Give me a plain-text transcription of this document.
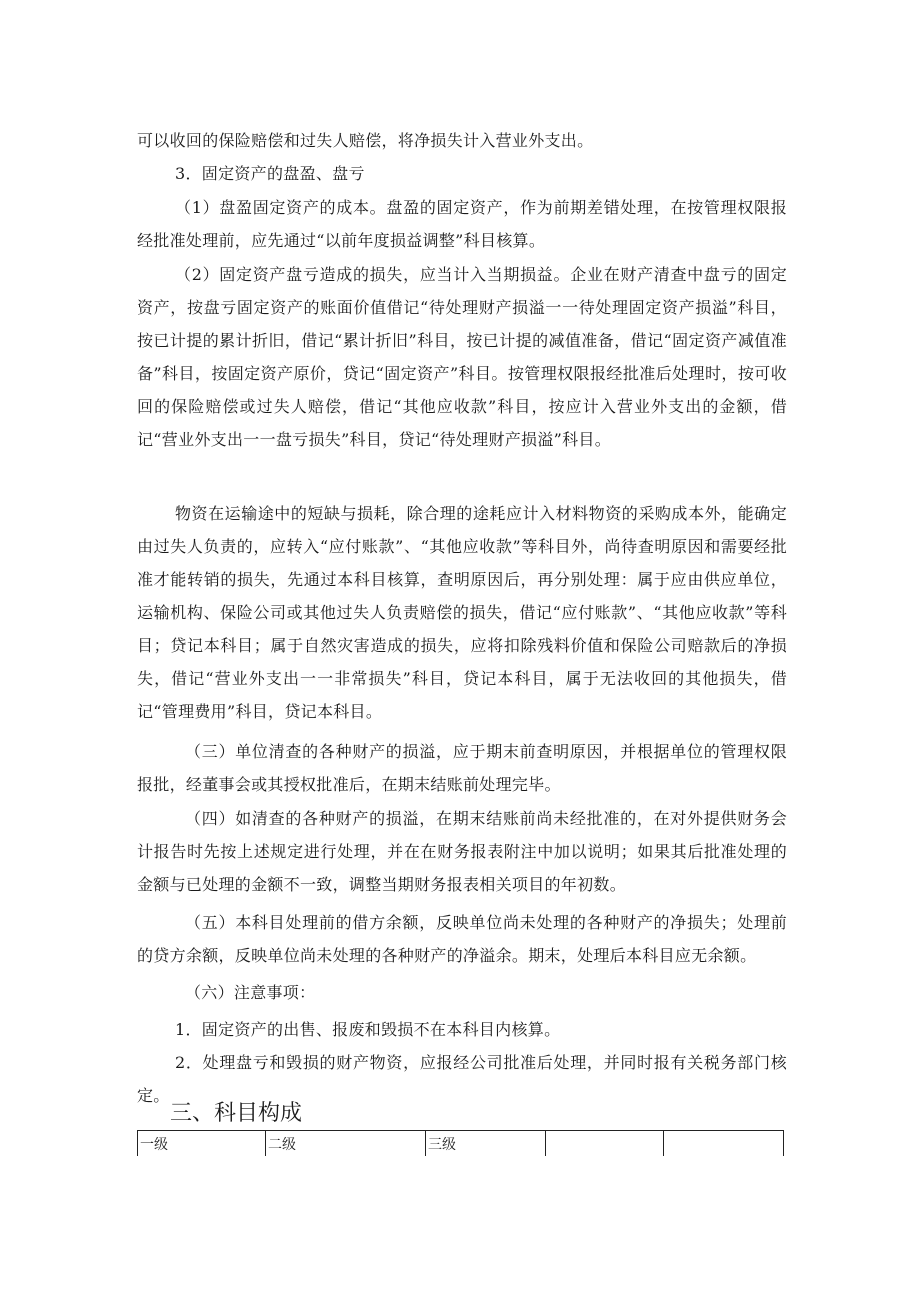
可以收回的保险赔偿和过失人赔偿，将净损失计入营业外支出。

3．固定资产的盘盈、盘亏

（1）盘盈固定资产的成本。盘盈的固定资产，作为前期差错处理，在按管理权限报经批准处理前，应先通过“以前年度损益调整”科目核算。

（2）固定资产盘亏造成的损失，应当计入当期损益。企业在财产清查中盘亏的固定资产，按盘亏固定资产的账面价值借记“待处理财产损溢一一待处理固定资产损溢”科目，按已计提的累计折旧，借记“累计折旧”科目，按已计提的减值准备，借记“固定资产减值准备”科目，按固定资产原价，贷记“固定资产”科目。按管理权限报经批准后处理时，按可收回的保险赔偿或过失人赔偿，借记“其他应收款”科目，按应计入营业外支出的金额，借记“营业外支出一一盘亏损失”科目，贷记“待处理财产损溢”科目。

物资在运输途中的短缺与损耗，除合理的途耗应计入材料物资的采购成本外，能确定由过失人负责的，应转入“应付账款”、“其他应收款”等科目外，尚待查明原因和需要经批准才能转销的损失，先通过本科目核算，查明原因后，再分别处理：属于应由供应单位，运输机构、保险公司或其他过失人负责赔偿的损失，借记“应付账款”、“其他应收款”等科目；贷记本科目；属于自然灾害造成的损失，应将扣除残料价值和保险公司赔款后的净损失，借记“营业外支出一一非常损失”科目，贷记本科目，属于无法收回的其他损失，借记“管理费用”科目，贷记本科目。

（三）单位清查的各种财产的损溢，应于期末前查明原因，并根据单位的管理权限报批，经董事会或其授权批准后，在期末结账前处理完毕。

（四）如清查的各种财产的损溢，在期末结账前尚未经批准的，在对外提供财务会计报告时先按上述规定进行处理，并在在财务报表附注中加以说明；如果其后批准处理的金额与已处理的金额不一致，调整当期财务报表相关项目的年初数。

（五）本科目处理前的借方余额，反映单位尚未处理的各种财产的净损失；处理前的贷方余额，反映单位尚未处理的各种财产的净溢余。期末，处理后本科目应无余额。

（六）注意事项：

1．固定资产的出售、报废和毁损不在本科目内核算。

2．处理盘亏和毁损的财产物资，应报经公司批准后处理，并同时报有关税务部门核定。

三、科目构成
一级	二级	三级		
